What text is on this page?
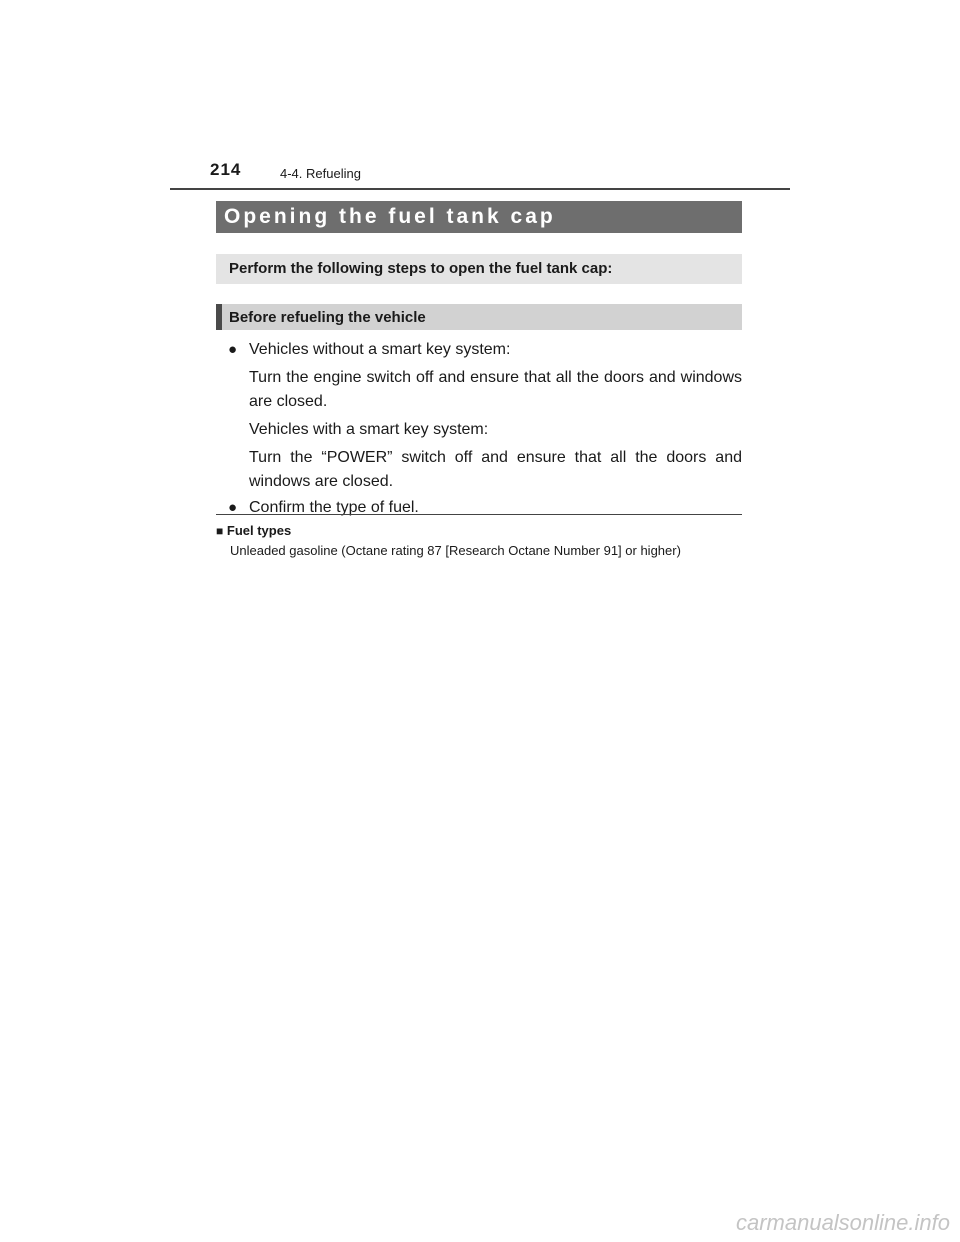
214	4-4. Refueling
Opening the fuel tank cap
Perform the following steps to open the fuel tank cap:
Before refueling the vehicle
● Vehicles without a smart key system:
Turn the engine switch off and ensure that all the doors and windows are closed.
Vehicles with a smart key system:
Turn the “POWER” switch off and ensure that all the doors and windows are closed.
● Confirm the type of fuel.
■ Fuel types
Unleaded gasoline (Octane rating 87 [Research Octane Number 91] or higher)
carmanualsonline.info
